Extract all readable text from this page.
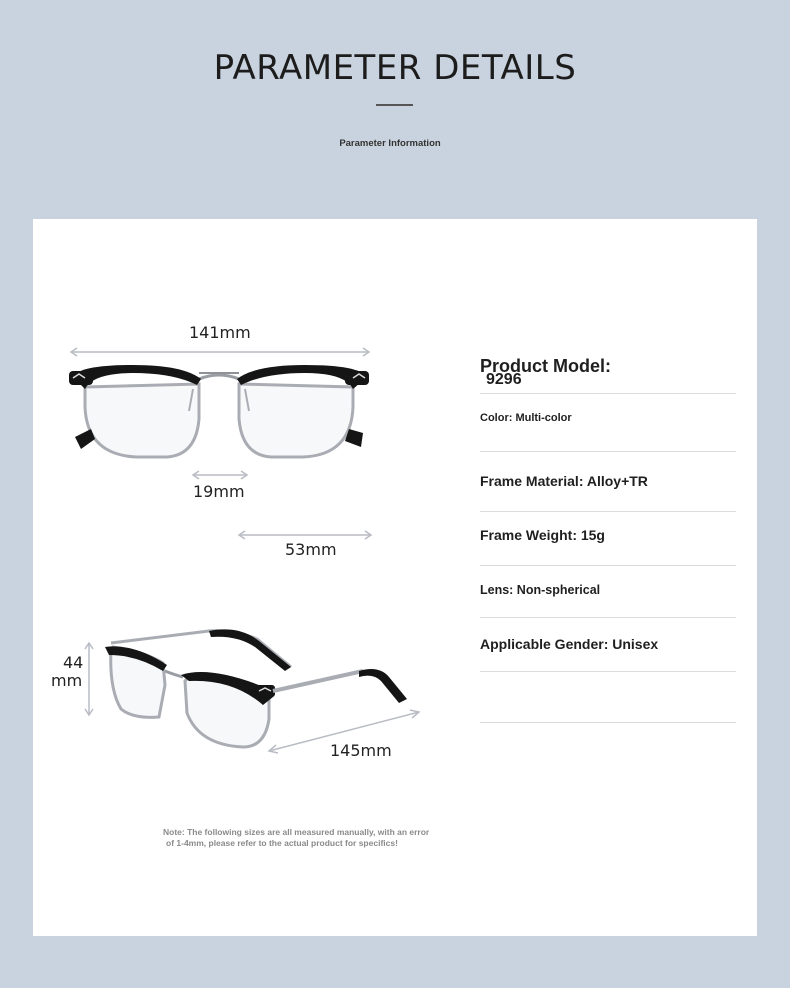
PARAMETER DETAILS
Parameter Information
141mm
19mm
53mm
44
mm
145mm
Product Model:
9296
Color: Multi-color
Frame Material: Alloy+TR
Frame Weight: 15g
Lens: Non-spherical
Applicable Gender: Unisex
Note: The following sizes are all measured manually, with an error
of 1-4mm, please refer to the actual product for specifics!
